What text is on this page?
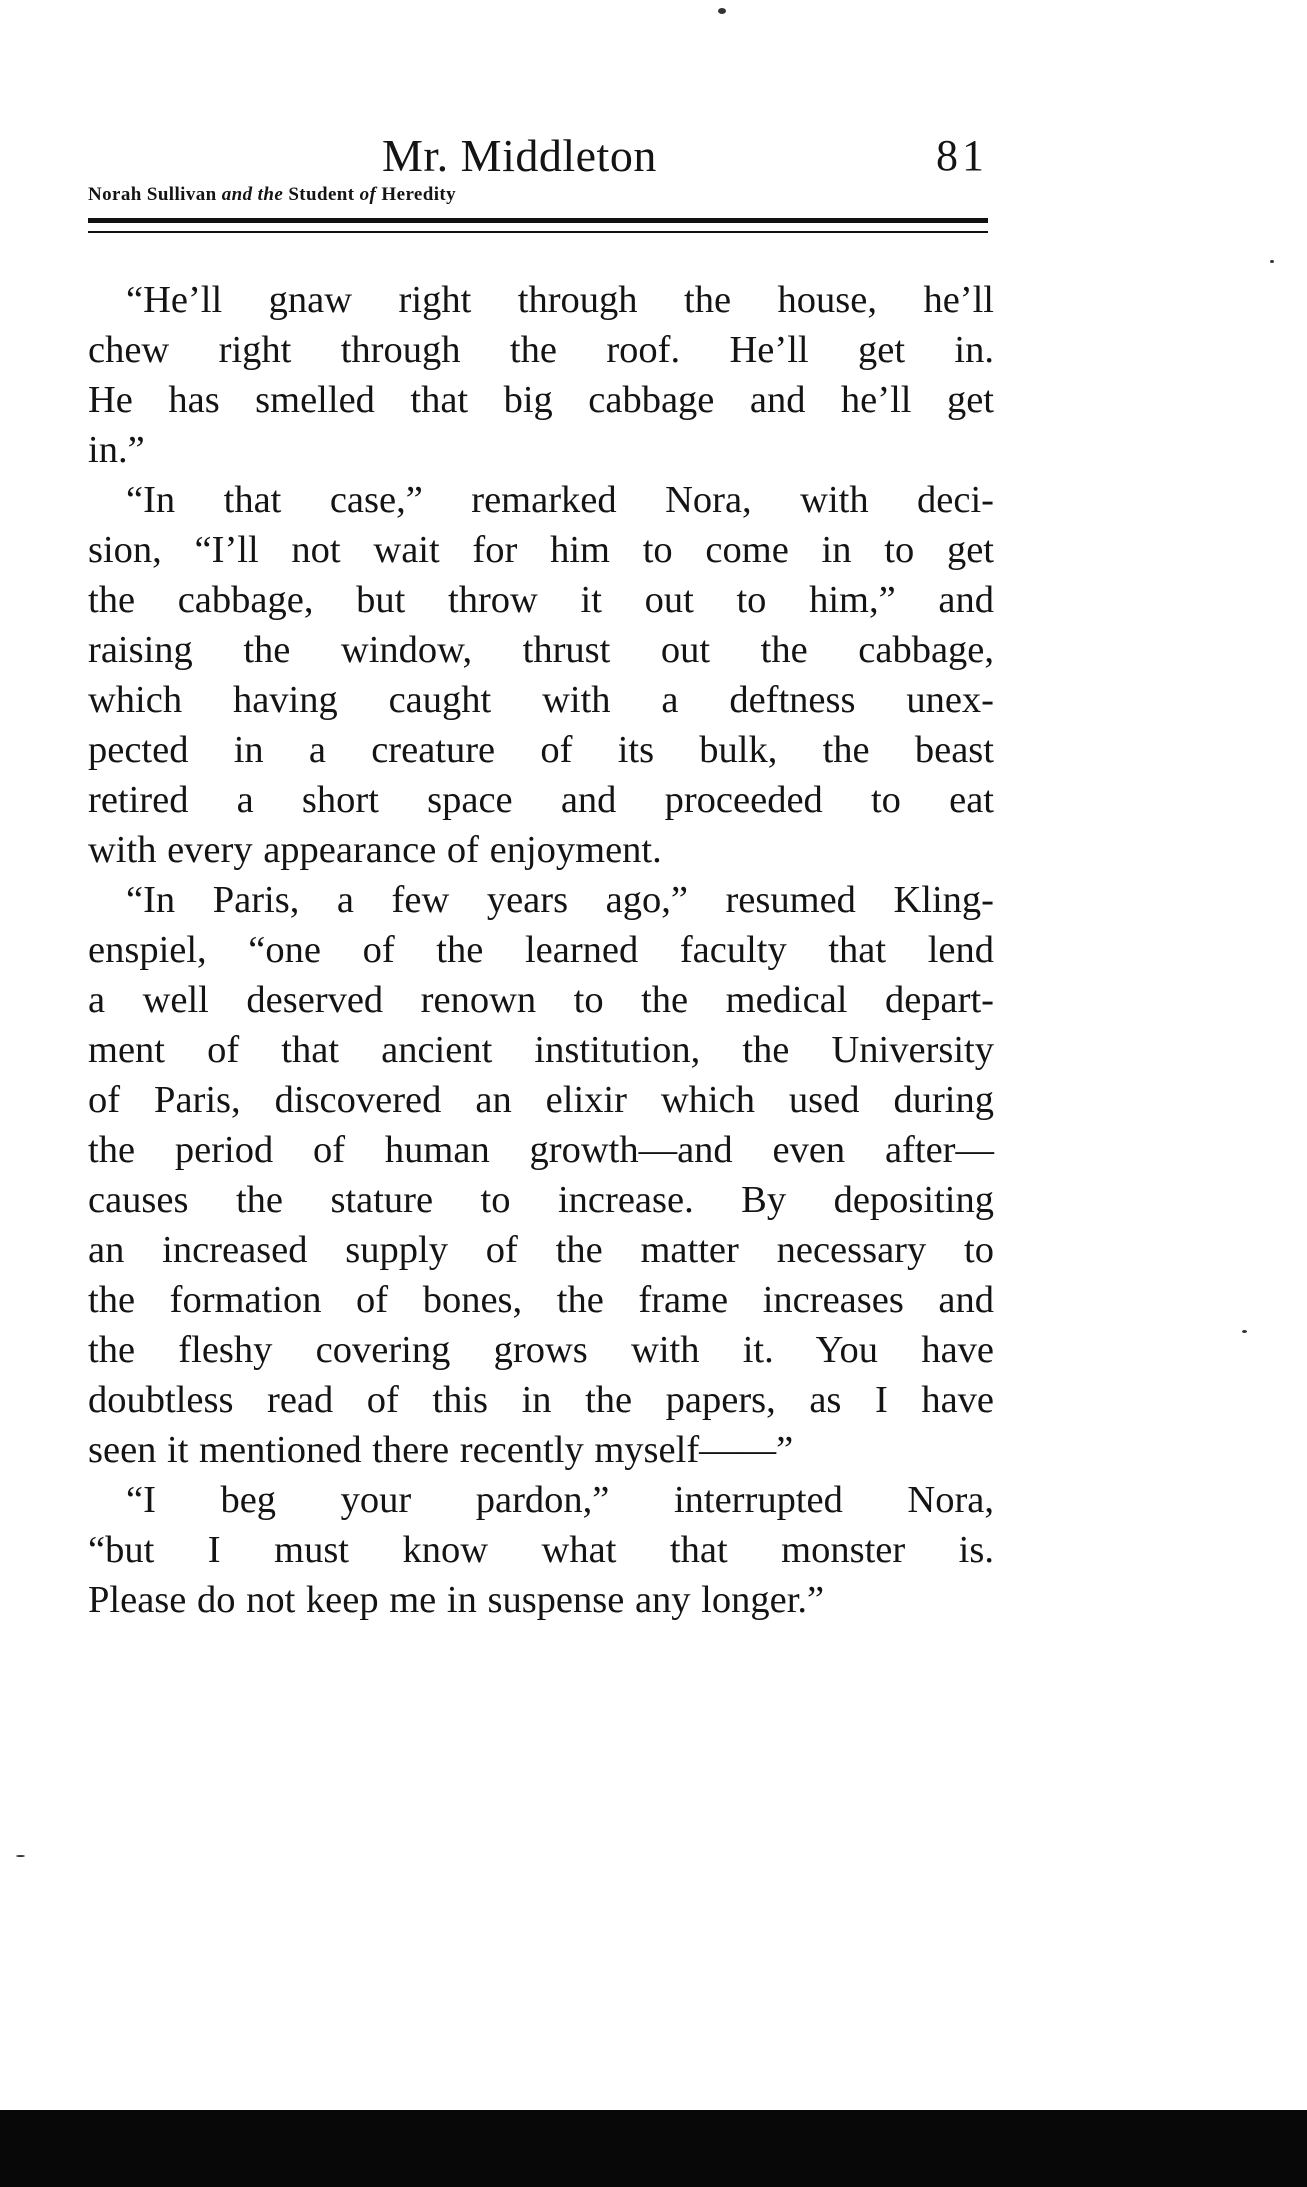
Mr. Middleton	81
Norah Sullivan and the Student of Heredity

“He’ll gnaw right through the house, he’ll
chew right through the roof. He’ll get in.
He has smelled that big cabbage and he’ll get
in.”

“In that case,” remarked Nora, with deci-
sion, “I’ll not wait for him to come in to get
the cabbage, but throw it out to him,” and
raising the window, thrust out the cabbage,
which having caught with a deftness unex-
pected in a creature of its bulk, the beast
retired a short space and proceeded to eat
with every appearance of enjoyment.

“In Paris, a few years ago,” resumed Kling-
enspiel, “one of the learned faculty that lend
a well deserved renown to the medical depart-
ment of that ancient institution, the University
of Paris, discovered an elixir which used during
the period of human growth—and even after—
causes the stature to increase. By depositing
an increased supply of the matter necessary to
the formation of bones, the frame increases and
the fleshy covering grows with it. You have
doubtless read of this in the papers, as I have
seen it mentioned there recently myself——”

“I beg your pardon,” interrupted Nora,
“but I must know what that monster is.
Please do not keep me in suspense any longer.”
